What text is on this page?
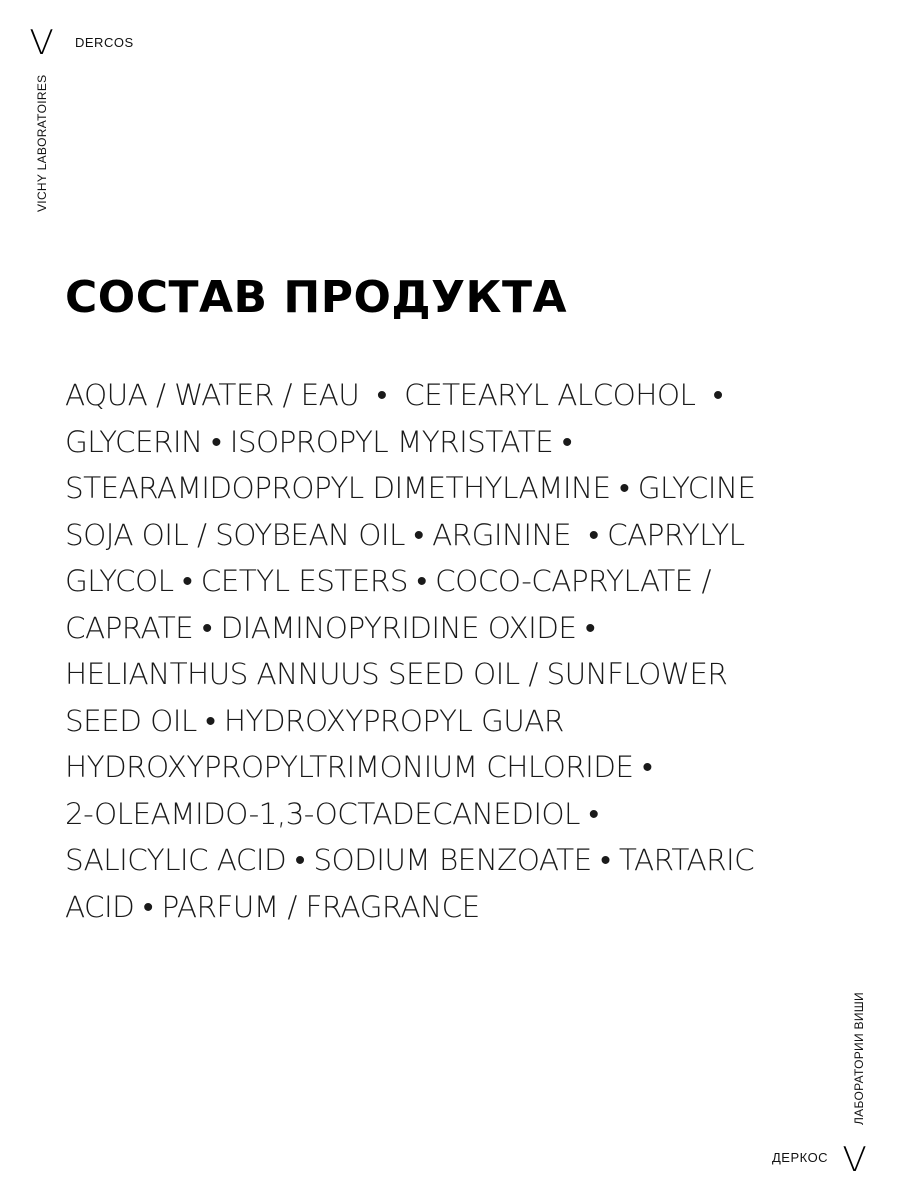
V DERCOS
VICHY LABORATOIRES
СОСТАВ ПРОДУКТА
AQUA / WATER / EAU  •  CETEARYL ALCOHOL  •
GLYCERIN • ISOPROPYL MYRISTATE •
STEARAMIDOPROPYL DIMETHYLAMINE • GLYCINE
SOJA OIL / SOYBEAN OIL • ARGININE  • CAPRYLYL
GLYCOL • CETYL ESTERS • COCO-CAPRYLATE /
CAPRATE • DIAMINOPYRIDINE OXIDE •
HELIANTHUS ANNUUS SEED OIL / SUNFLOWER
SEED OIL • HYDROXYPROPYL GUAR
HYDROXYPROPYLTRIMONIUM CHLORIDE •
2-OLEAMIDO-1,3-OCTADECANEDIOL •
SALICYLIC ACID • SODIUM BENZOATE • TARTARIC
ACID • PARFUM / FRAGRANCE
ЛАБОРАТОРИИ ВИШИ
ДЕРКОС V
